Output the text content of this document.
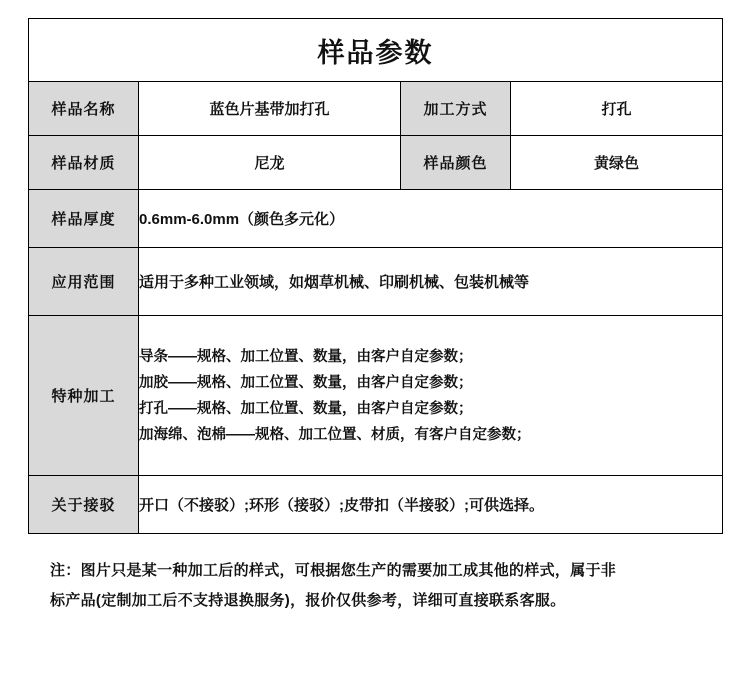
样品参数			
样品名称	蓝色片基带加打孔	加工方式	打孔
样品材质	尼龙	样品颜色	黄绿色
样品厚度	0.6mm-6.0mm（颜色多元化）		
应用范围	适用于多种工业领域，如烟草机械、印刷机械、包装机械等		
特种加工	导条——规格、加工位置、数量，由客户自定参数；
加胶——规格、加工位置、数量，由客户自定参数；
打孔——规格、加工位置、数量，由客户自定参数；
加海绵、泡棉——规格、加工位置、材质，有客户自定参数；		

关于接驳	开口（不接驳）;环形（接驳）;皮带扣（半接驳）;可供选择。		
注：图片只是某一种加工后的样式，可根据您生产的需要加工成其他的样式，属于非
标产品(定制加工后不支持退换服务)，报价仅供参考，详细可直接联系客服。
